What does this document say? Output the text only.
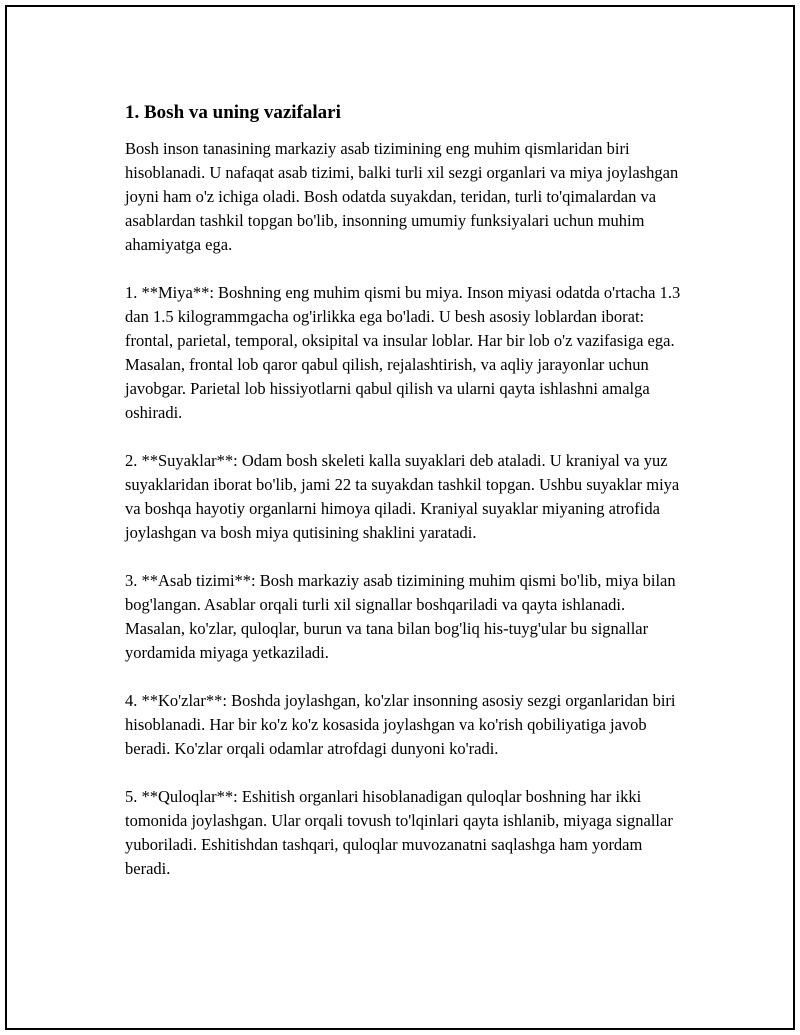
1. Bosh va uning vazifalari

Bosh inson tanasining markaziy asab tizimining eng muhim qismlaridan biri hisoblanadi. U nafaqat asab tizimi, balki turli xil sezgi organlari va miya joylashgan joyni ham o'z ichiga oladi. Bosh odatda suyakdan, teridan, turli to'qimalardan va asablardan tashkil topgan bo'lib, insonning umumiy funksiyalari uchun muhim ahamiyatga ega.

1. **Miya**: Boshning eng muhim qismi bu miya. Inson miyasi odatda o'rtacha 1.3 dan 1.5 kilogrammgacha og'irlikka ega bo'ladi. U besh asosiy loblardan iborat: frontal, parietal, temporal, oksipital va insular loblar. Har bir lob o'z vazifasiga ega. Masalan, frontal lob qaror qabul qilish, rejalashtirish, va aqliy jarayonlar uchun javobgar. Parietal lob hissiyotlarni qabul qilish va ularni qayta ishlashni amalga oshiradi.

2. **Suyaklar**: Odam bosh skeleti kalla suyaklari deb ataladi. U kraniyal va yuz suyaklaridan iborat bo'lib, jami 22 ta suyakdan tashkil topgan. Ushbu suyaklar miya va boshqa hayotiy organlarni himoya qiladi. Kraniyal suyaklar miyaning atrofida joylashgan va bosh miya qutisining shaklini yaratadi.

3. **Asab tizimi**: Bosh markaziy asab tizimining muhim qismi bo'lib, miya bilan bog'langan. Asablar orqali turli xil signallar boshqariladi va qayta ishlanadi. Masalan, ko'zlar, quloqlar, burun va tana bilan bog'liq his-tuyg'ular bu signallar yordamida miyaga yetkaziladi.

4. **Ko'zlar**: Boshda joylashgan, ko'zlar insonning asosiy sezgi organlaridan biri hisoblanadi. Har bir ko'z ko'z kosasida joylashgan va ko'rish qobiliyatiga javob beradi. Ko'zlar orqali odamlar atrofdagi dunyoni ko'radi.

5. **Quloqlar**: Eshitish organlari hisoblanadigan quloqlar boshning har ikki tomonida joylashgan. Ular orqali tovush to'lqinlari qayta ishlanib, miyaga signallar yuboriladi. Eshitishdan tashqari, quloqlar muvozanatni saqlashga ham yordam beradi.
